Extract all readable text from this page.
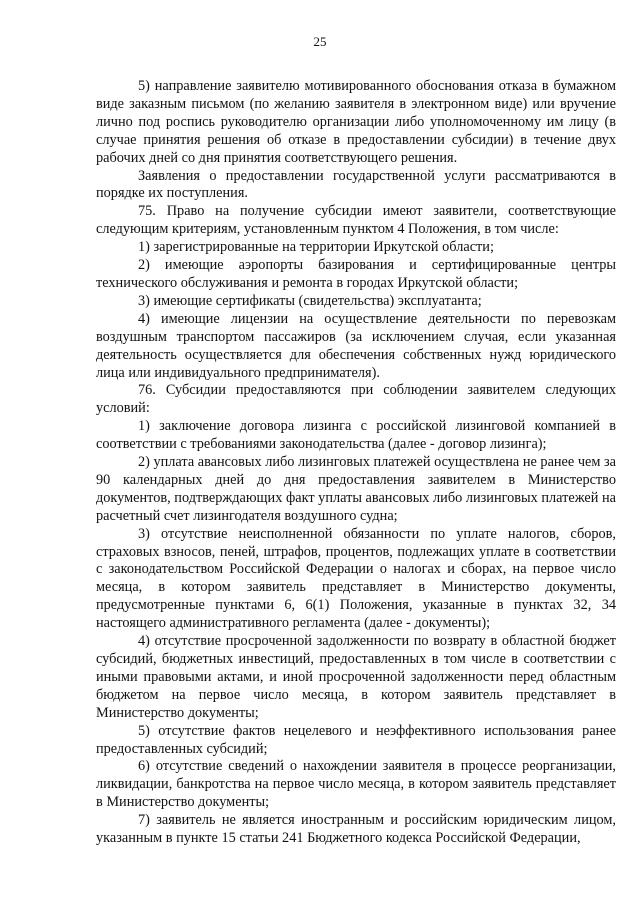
25

5) направление заявителю мотивированного обоснования отказа в бумажном виде заказным письмом (по желанию заявителя в электронном виде) или вручение лично под роспись руководителю организации либо уполномоченному им лицу (в случае принятия решения об отказе в предоставлении субсидии) в течение двух рабочих дней со дня принятия соответствующего решения.

Заявления о предоставлении государственной услуги рассматриваются в порядке их поступления.

75. Право на получение субсидии имеют заявители, соответствующие следующим критериям, установленным пунктом 4 Положения, в том числе:

1) зарегистрированные на территории Иркутской области;

2) имеющие аэропорты базирования и сертифицированные центры технического обслуживания и ремонта в городах Иркутской области;

3) имеющие сертификаты (свидетельства) эксплуатанта;

4) имеющие лицензии на осуществление деятельности по перевозкам воздушным транспортом пассажиров (за исключением случая, если указанная деятельность осуществляется для обеспечения собственных нужд юридического лица или индивидуального предпринимателя).

76. Субсидии предоставляются при соблюдении заявителем следующих условий:

1) заключение договора лизинга с российской лизинговой компанией в соответствии с требованиями законодательства (далее - договор лизинга);

2) уплата авансовых либо лизинговых платежей осуществлена не ранее чем за 90 календарных дней до дня предоставления заявителем в Министерство документов, подтверждающих факт уплаты авансовых либо лизинговых платежей на расчетный счет лизингодателя воздушного судна;

3) отсутствие неисполненной обязанности по уплате налогов, сборов, страховых взносов, пеней, штрафов, процентов, подлежащих уплате в соответствии с законодательством Российской Федерации о налогах и сборах, на первое число месяца, в котором заявитель представляет в Министерство документы, предусмотренные пунктами 6, 6(1) Положения, указанные в пунктах 32, 34 настоящего административного регламента (далее - документы);

4) отсутствие просроченной задолженности по возврату в областной бюджет субсидий, бюджетных инвестиций, предоставленных в том числе в соответствии с иными правовыми актами, и иной просроченной задолженности перед областным бюджетом на первое число месяца, в котором заявитель представляет в Министерство документы;

5) отсутствие фактов нецелевого и неэффективного использования ранее предоставленных субсидий;

6) отсутствие сведений о нахождении заявителя в процессе реорганизации, ликвидации, банкротства на первое число месяца, в котором заявитель представляет в Министерство документы;

7) заявитель не является иностранным и российским юридическим лицом, указанным в пункте 15 статьи 241 Бюджетного кодекса Российской Федерации,
